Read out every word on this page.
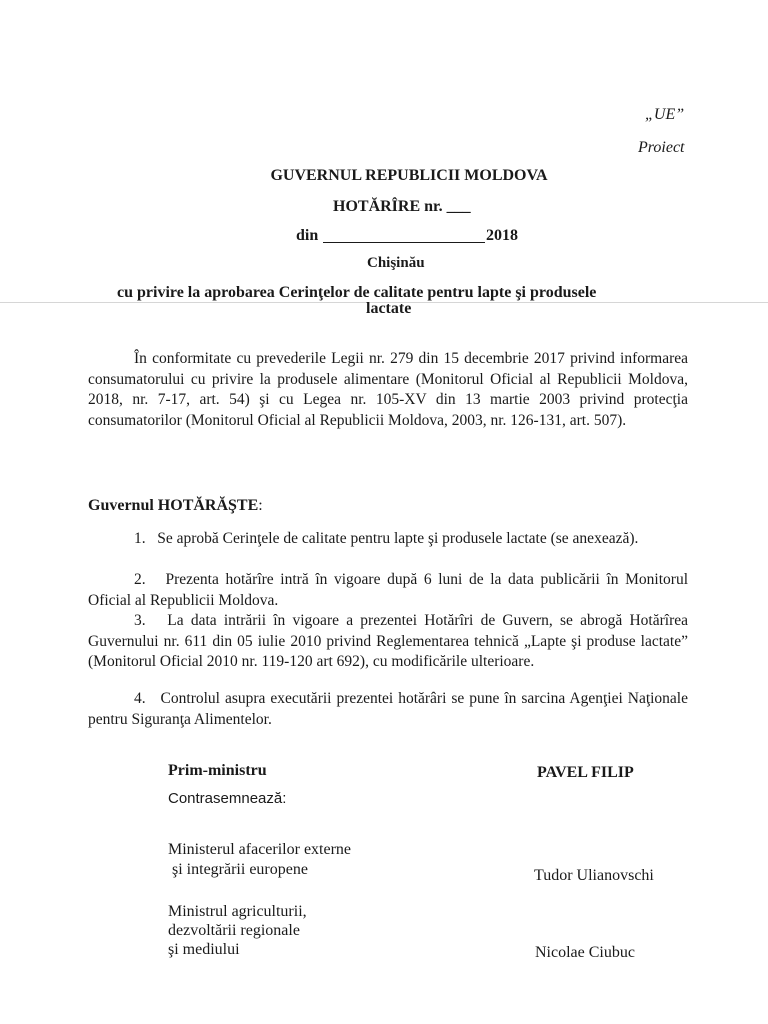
„UE”
Proiect
GUVERNUL REPUBLICII MOLDOVA
HOTĂRÎRE nr. ___
din	2018
Chişinău
cu privire la aprobarea Cerinţelor de calitate pentru lapte şi produsele
lactate
În conformitate cu prevederile Legii nr. 279 din 15 decembrie 2017 privind informarea consumatorului cu privire la produsele alimentare (Monitorul Oficial al Republicii Moldova, 2018, nr. 7-17, art. 54) şi cu Legea nr. 105-XV din 13 martie 2003 privind protecţia consumatorilor (Monitorul Oficial al Republicii Moldova, 2003, nr. 126-131, art. 507).
Guvernul HOTĂRĂŞTE:
1. Se aprobă Cerinţele de calitate pentru lapte şi produsele lactate (se anexează).
2. Prezenta hotărîre intră în vigoare după 6 luni de la data publicării în Monitorul Oficial al Republicii Moldova.
3. La data intrării în vigoare a prezentei Hotărîri de Guvern, se abrogă Hotărîrea Guvernului nr. 611 din 05 iulie 2010 privind Reglementarea tehnică „Lapte şi produse lactate” (Monitorul Oficial 2010 nr. 119-120 art 692), cu modificările ulterioare.
4. Controlul asupra executării prezentei hotărâri se pune în sarcina Agenţiei Naţionale pentru Siguranţa Alimentelor.
Prim-ministru	PAVEL FILIP
Contrasemnează:
Ministerul afacerilor externe
şi integrării europene	Tudor Ulianovschi
Ministrul agriculturii,
dezvoltării regionale
şi mediului	Nicolae Ciubuc
